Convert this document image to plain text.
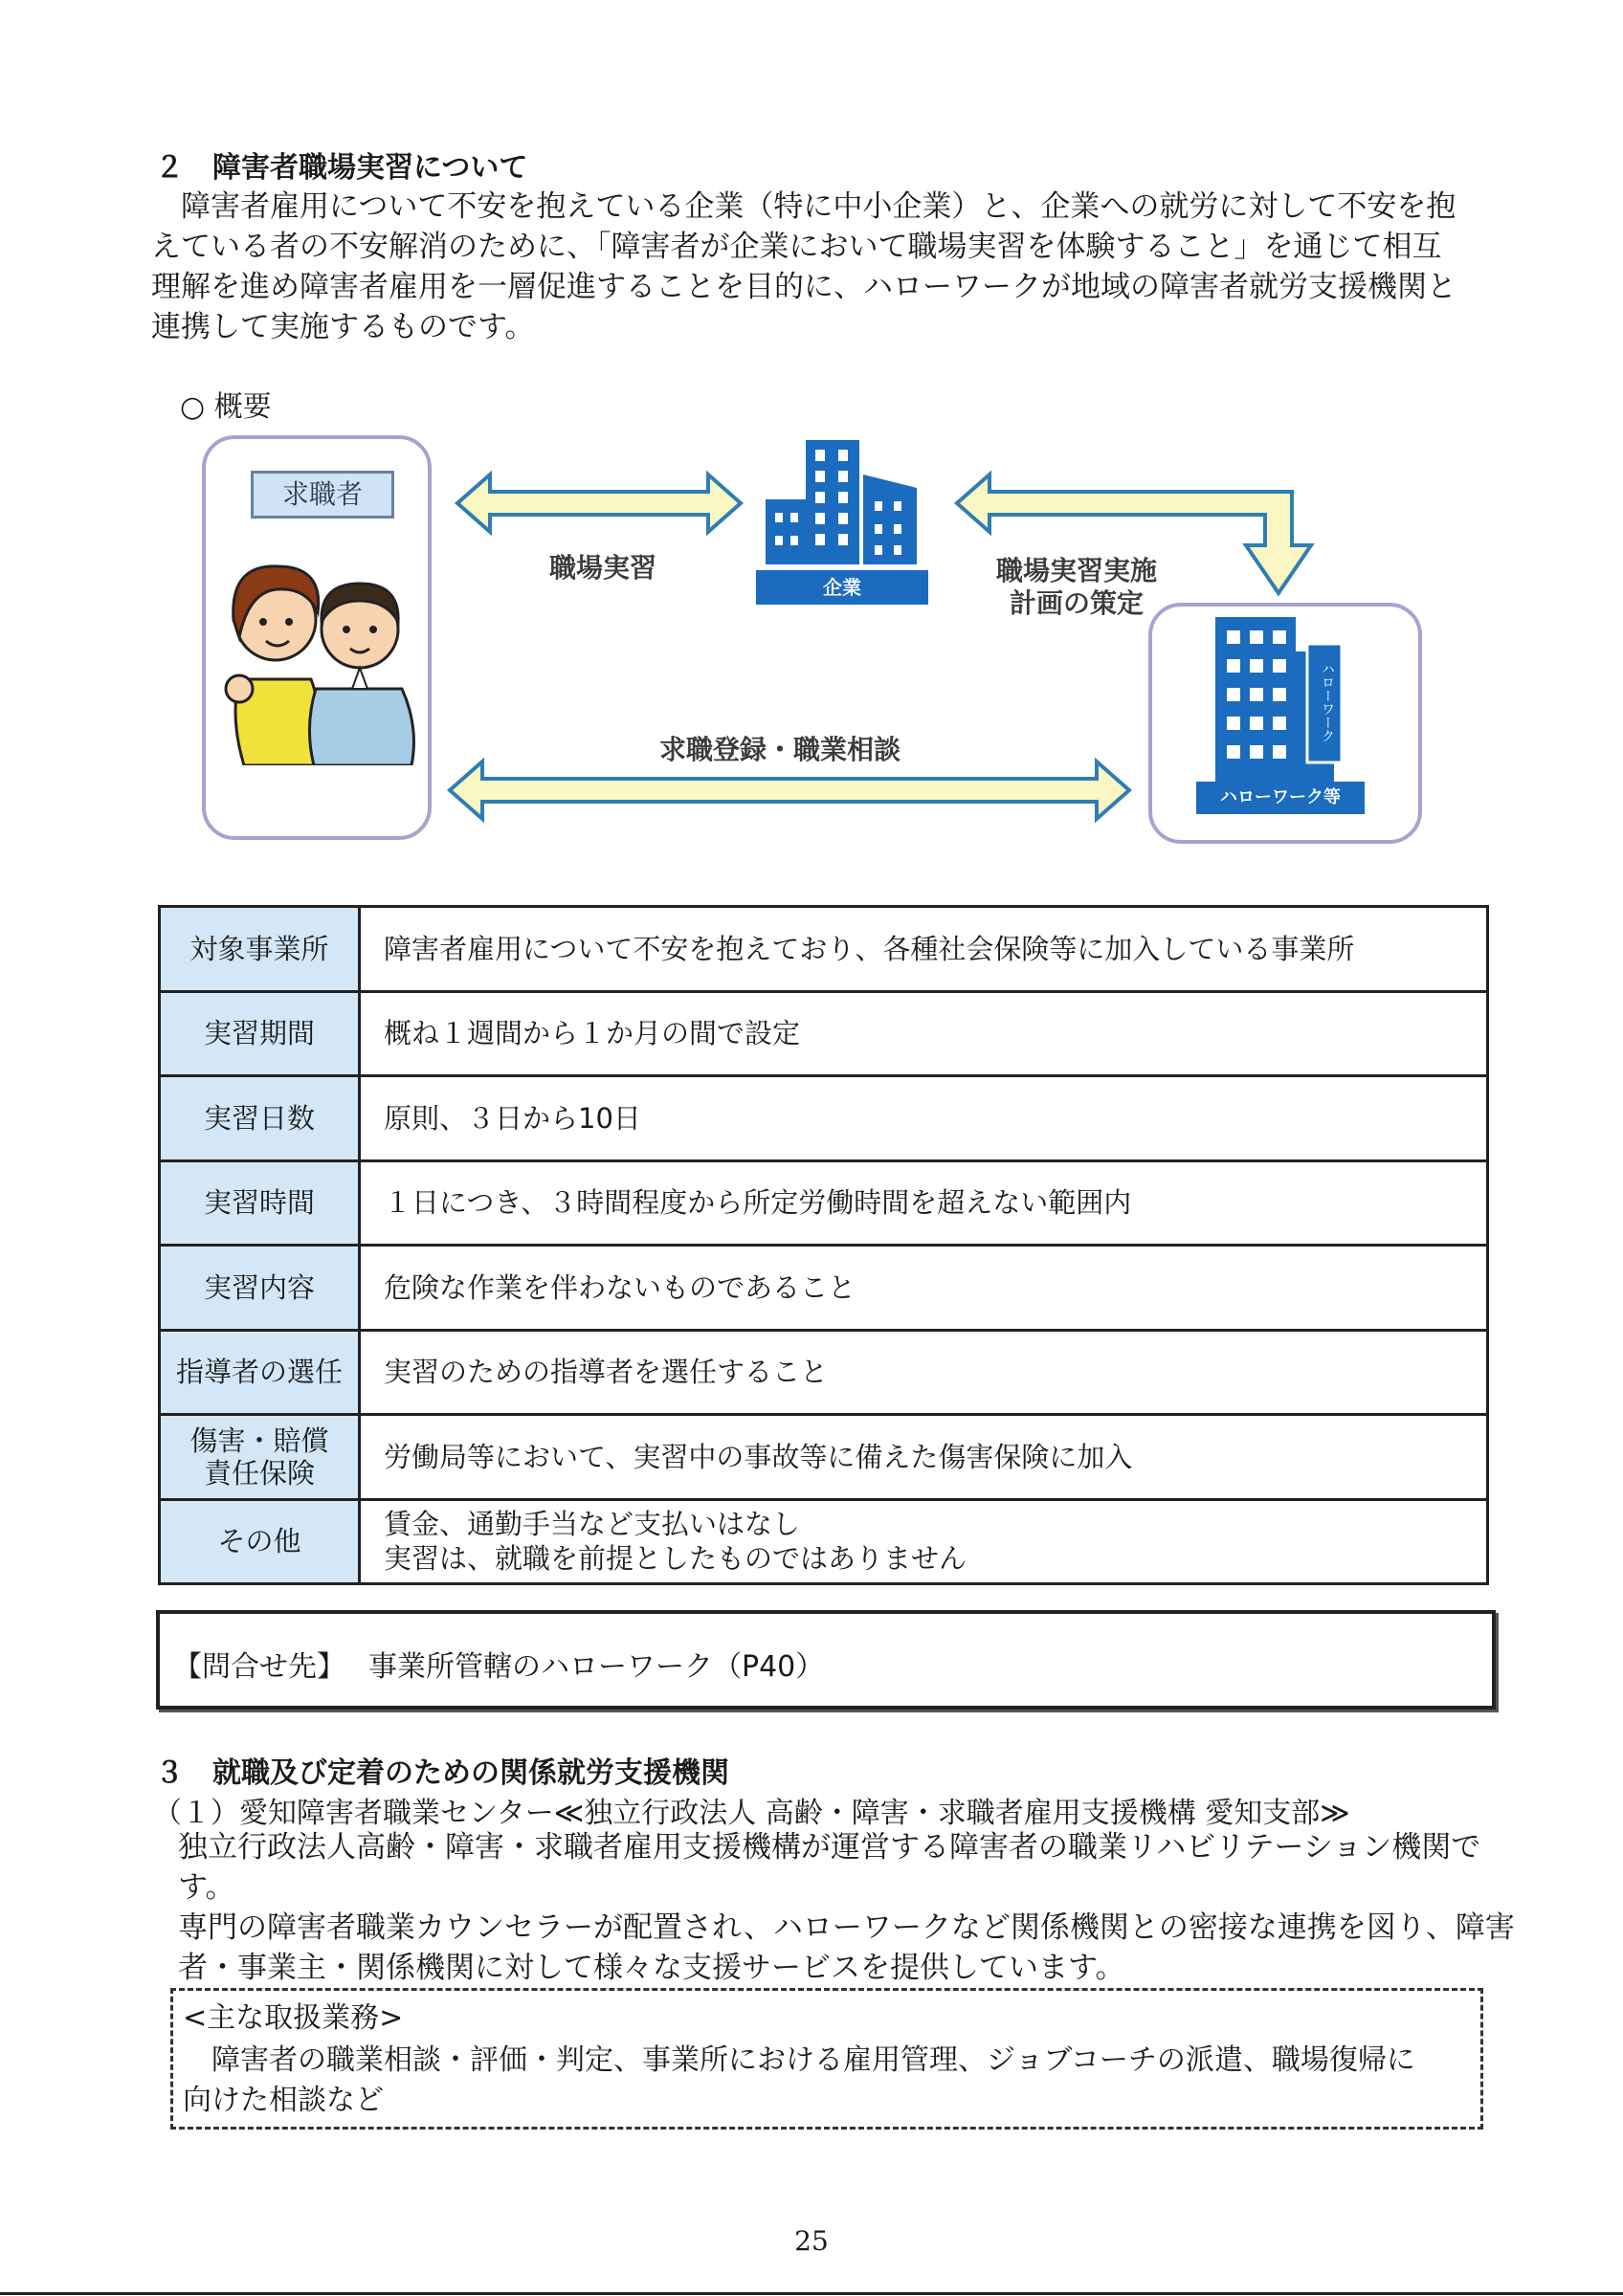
２　障害者職場実習について
　障害者雇用について不安を抱えている企業（特に中小企業）と、企業への就労に対して不安を抱
えている者の不安解消のために、「障害者が企業において職場実習を体験すること」を通じて相互
理解を進め障害者雇用を一層促進することを目的に、ハローワークが地域の障害者就労支援機関と
連携して実施するものです。
○ 概要
求職者
企業
ハローワーク
ハローワーク等
職場実習	職場実習実施
計画の策定
求職登録・職業相談
対象事業所	障害者雇用について不安を抱えており、各種社会保険等に加入している事業所
実習期間	概ね１週間から１か月の間で設定
実習日数	原則、３日から10日
実習時間	１日につき、３時間程度から所定労働時間を超えない範囲内
実習内容	危険な作業を伴わないものであること
指導者の選任	実習のための指導者を選任すること

傷害・賠償
責任保険	労働局等において、実習中の事故等に備えた傷害保険に加入
その他	賃金、通勤手当など支払いはなし
実習は、就職を前提としたものではありません
【問合せ先】 事業所管轄のハローワーク（P40）
３　就職及び定着のための関係就労支援機関
（１）愛知障害者職業センター≪独立行政法人 高齢・障害・求職者雇用支援機構 愛知支部≫
独立行政法人高齢・障害・求職者雇用支援機構が運営する障害者の職業リハビリテーション機関です。
専門の障害者職業カウンセラーが配置され、ハローワークなど関係機関との密接な連携を図り、障害
者・事業主・関係機関に対して様々な支援サービスを提供しています。
<主な取扱業務>
障害者の職業相談・評価・判定、事業所における雇用管理、ジョブコーチの派遣、職場復帰に
向けた相談など
25
